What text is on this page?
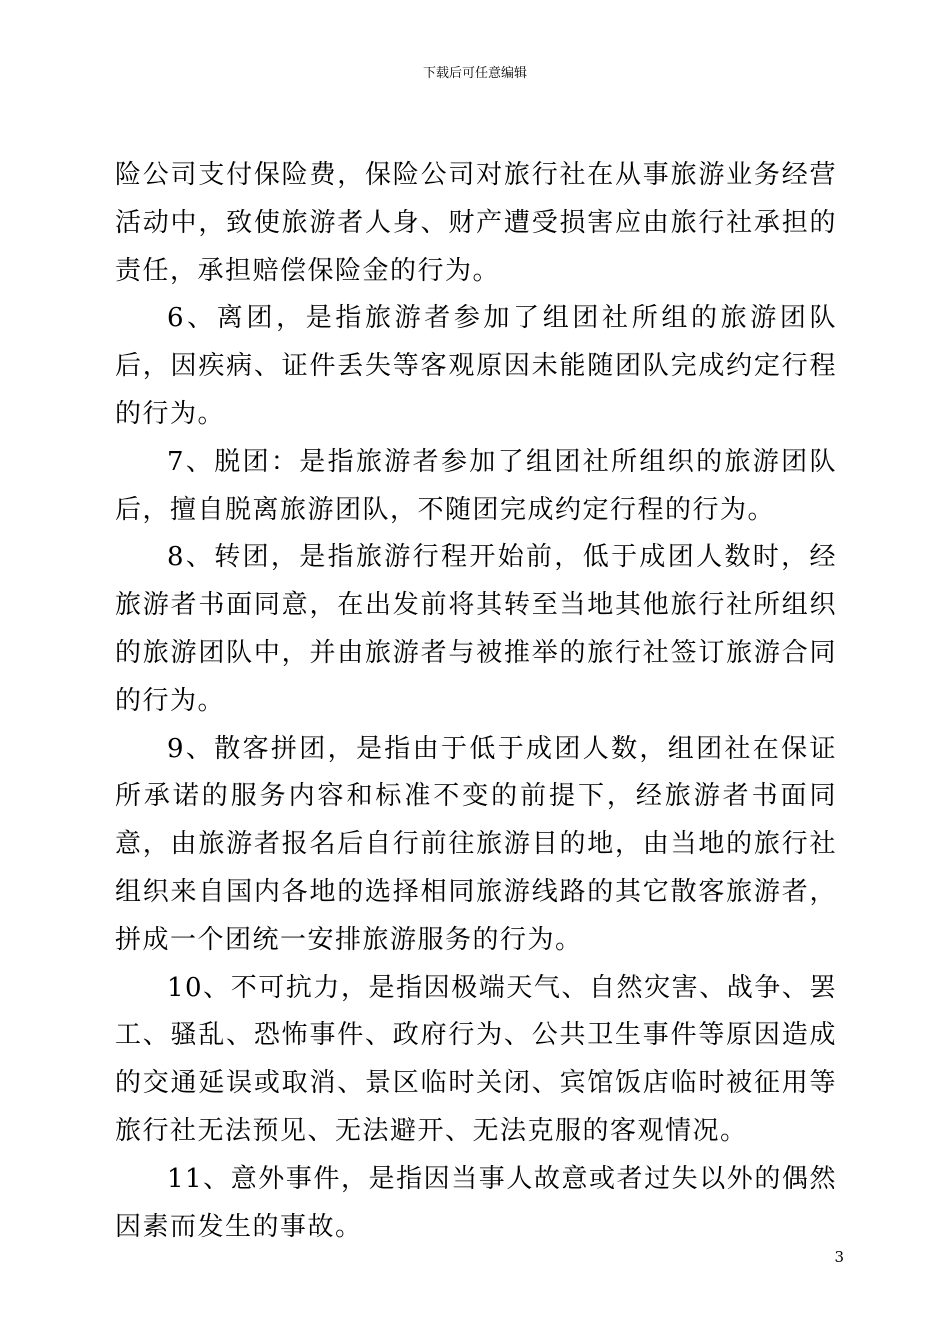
下载后可任意编辑

险公司支付保险费，保险公司对旅行社在从事旅游业务经营活动中，致使旅游者人身、财产遭受损害应由旅行社承担的责任，承担赔偿保险金的行为。

6、离团，是指旅游者参加了组团社所组的旅游团队后，因疾病、证件丢失等客观原因未能随团队完成约定行程的行为。

7、脱团：是指旅游者参加了组团社所组织的旅游团队后，擅自脱离旅游团队，不随团完成约定行程的行为。

8、转团，是指旅游行程开始前，低于成团人数时，经旅游者书面同意，在出发前将其转至当地其他旅行社所组织的旅游团队中，并由旅游者与被推举的旅行社签订旅游合同的行为。

9、散客拼团，是指由于低于成团人数，组团社在保证所承诺的服务内容和标准不变的前提下，经旅游者书面同意，由旅游者报名后自行前往旅游目的地，由当地的旅行社组织来自国内各地的选择相同旅游线路的其它散客旅游者，拼成一个团统一安排旅游服务的行为。

10、不可抗力，是指因极端天气、自然灾害、战争、罢工、骚乱、恐怖事件、政府行为、公共卫生事件等原因造成的交通延误或取消、景区临时关闭、宾馆饭店临时被征用等旅行社无法预见、无法避开、无法克服的客观情况。

11、意外事件，是指因当事人故意或者过失以外的偶然因素而发生的事故。

3
